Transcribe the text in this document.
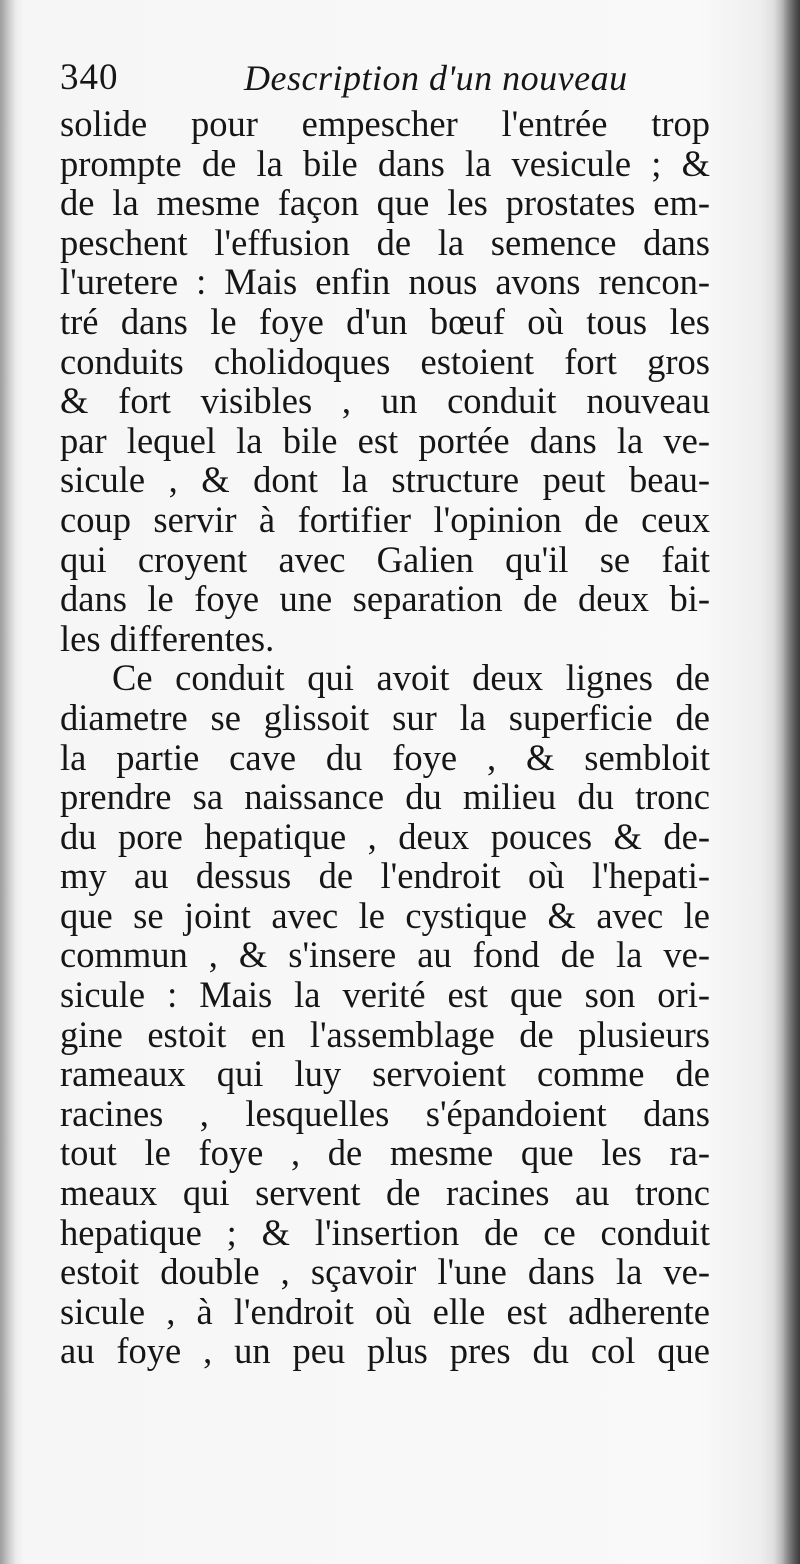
340	Description d'un nouveau
solide pour empescher l'entrée trop
prompte de la bile dans la vesicule ; &
de la mesme façon que les prostates em-
peschent l'effusion de la semence dans
l'uretere : Mais enfin nous avons rencon-
tré dans le foye d'un bœuf où tous les
conduits cholidoques estoient fort gros
& fort visibles , un conduit nouveau
par lequel la bile est portée dans la ve-
sicule , & dont la structure peut beau-
coup servir à fortifier l'opinion de ceux
qui croyent avec Galien qu'il se fait
dans le foye une separation de deux bi-
les differentes.
Ce conduit qui avoit deux lignes de
diametre se glissoit sur la superficie de
la partie cave du foye , & sembloit
prendre sa naissance du milieu du tronc
du pore hepatique , deux pouces & de-
my au dessus de l'endroit où l'hepati-
que se joint avec le cystique & avec le
commun , & s'insere au fond de la ve-
sicule : Mais la verité est que son ori-
gine estoit en l'assemblage de plusieurs
rameaux qui luy servoient comme de
racines , lesquelles s'épandoient dans
tout le foye , de mesme que les ra-
meaux qui servent de racines au tronc
hepatique ; & l'insertion de ce conduit
estoit double , sçavoir l'une dans la ve-
sicule , à l'endroit où elle est adherente
au foye , un peu plus pres du col que
